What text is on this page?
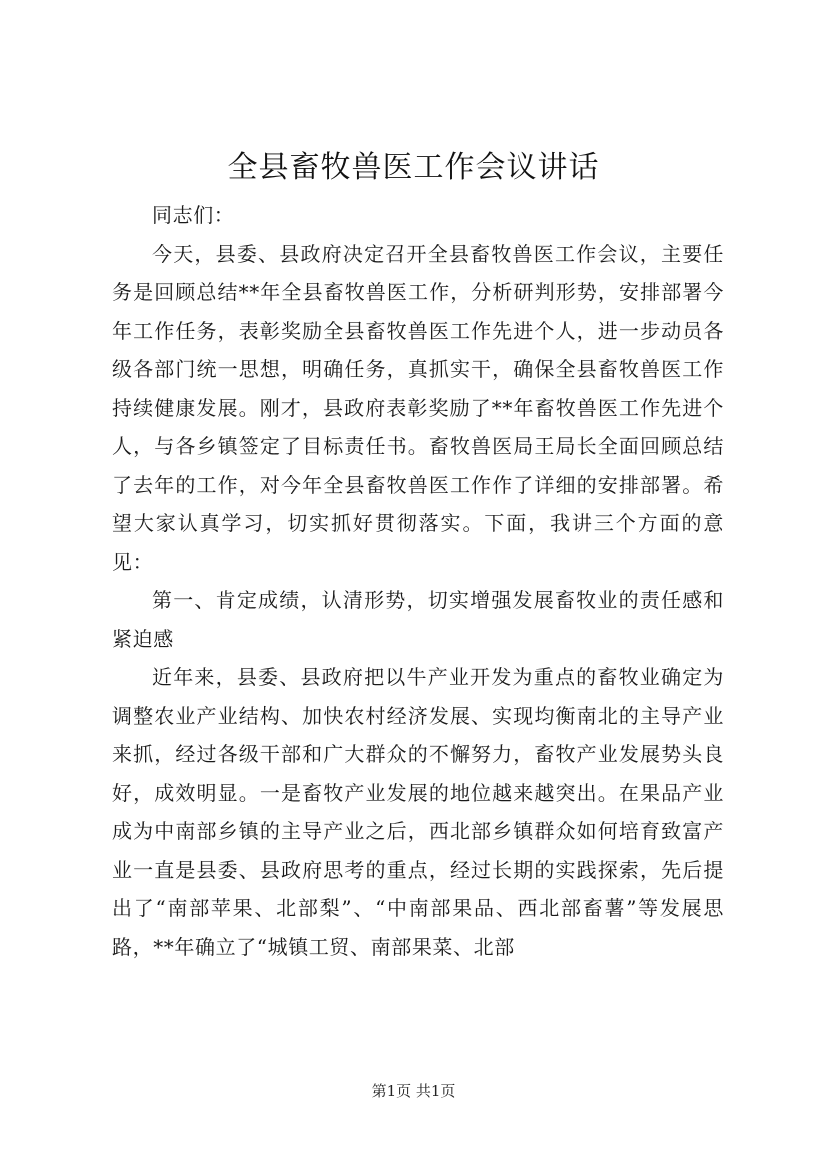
全县畜牧兽医工作会议讲话

同志们：

今天，县委、县政府决定召开全县畜牧兽医工作会议，主要任务是回顾总结**年全县畜牧兽医工作，分析研判形势，安排部署今年工作任务，表彰奖励全县畜牧兽医工作先进个人，进一步动员各级各部门统一思想，明确任务，真抓实干，确保全县畜牧兽医工作持续健康发展。刚才，县政府表彰奖励了**年畜牧兽医工作先进个人，与各乡镇签定了目标责任书。畜牧兽医局王局长全面回顾总结了去年的工作，对今年全县畜牧兽医工作作了详细的安排部署。希望大家认真学习，切实抓好贯彻落实。下面，我讲三个方面的意见：

第一、肯定成绩，认清形势，切实增强发展畜牧业的责任感和紧迫感

近年来，县委、县政府把以牛产业开发为重点的畜牧业确定为调整农业产业结构、加快农村经济发展、实现均衡南北的主导产业来抓，经过各级干部和广大群众的不懈努力，畜牧产业发展势头良好，成效明显。一是畜牧产业发展的地位越来越突出。在果品产业成为中南部乡镇的主导产业之后，西北部乡镇群众如何培育致富产业一直是县委、县政府思考的重点，经过长期的实践探索，先后提出了“南部苹果、北部梨”、“中南部果品、西北部畜薯”等发展思路，**年确立了“城镇工贸、南部果菜、北部

第1页 共1页
